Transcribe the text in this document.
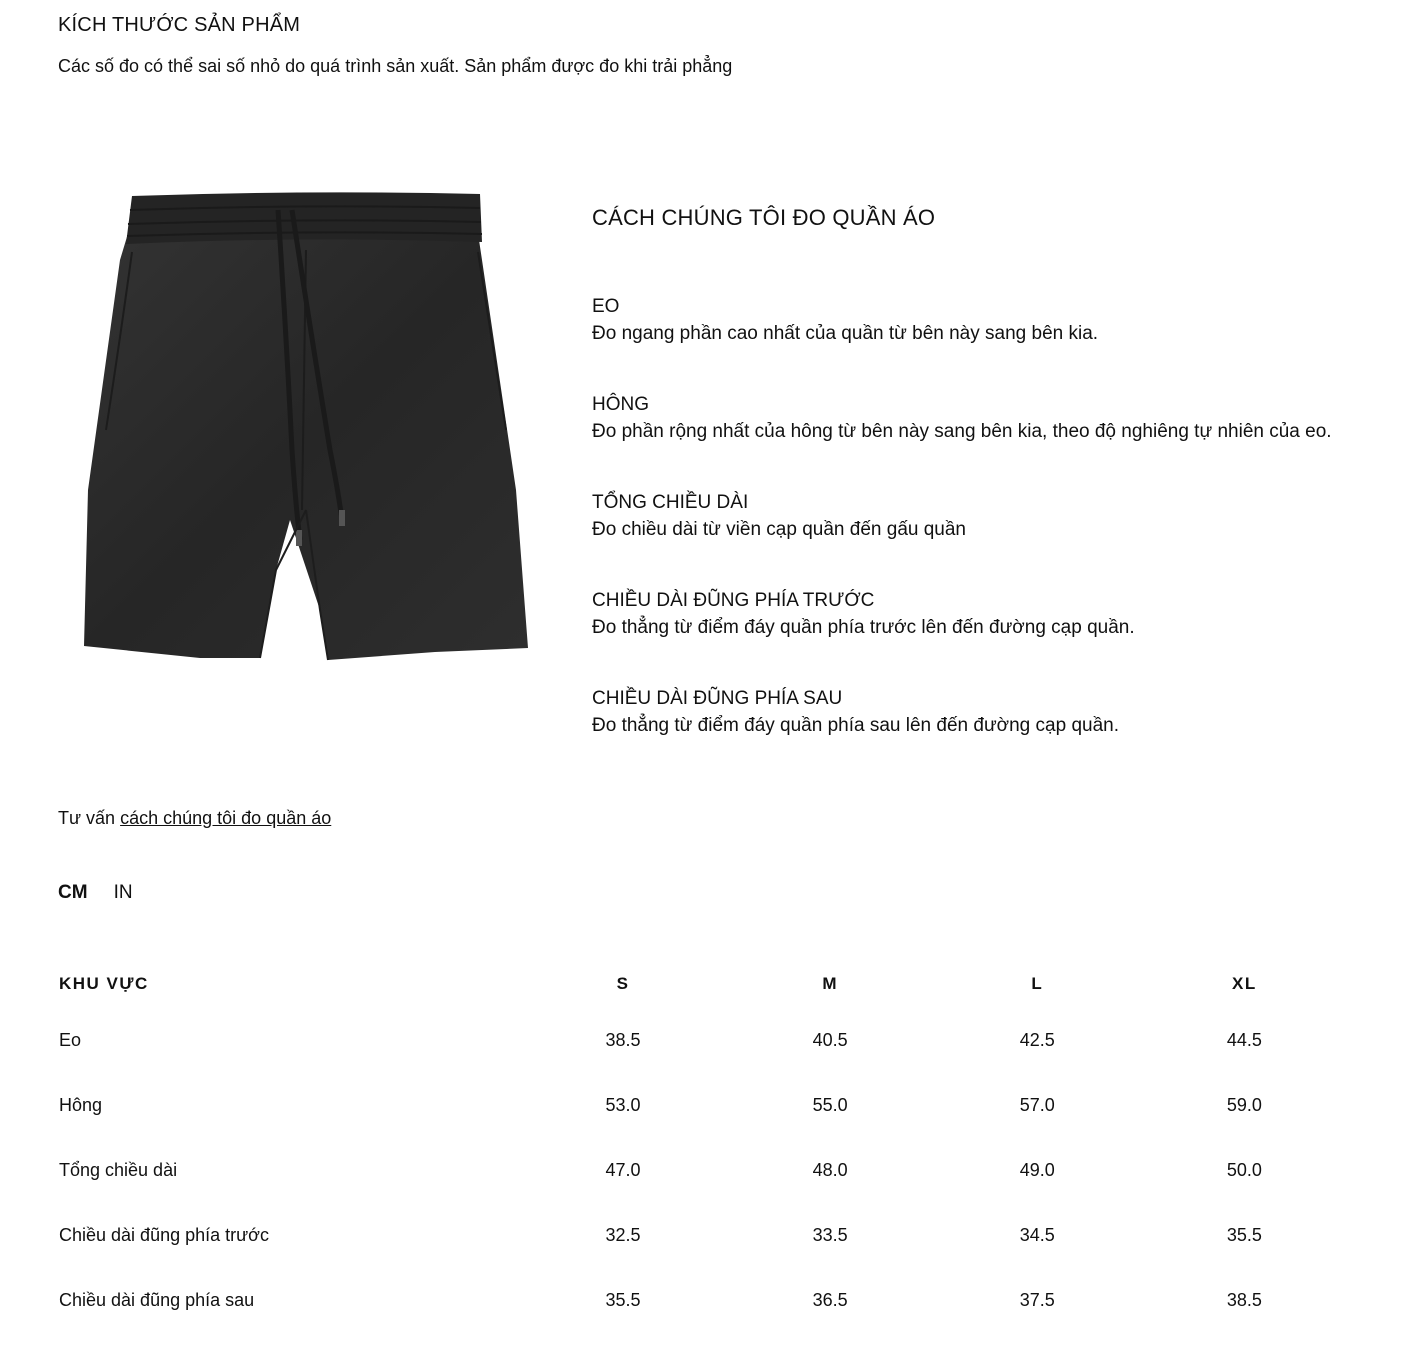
KÍCH THƯỚC SẢN PHẨM
Các số đo có thể sai số nhỏ do quá trình sản xuất. Sản phẩm được đo khi trải phẳng
CÁCH CHÚNG TÔI ĐO QUẦN ÁO
EO
Đo ngang phần cao nhất của quần từ bên này sang bên kia.
HÔNG
Đo phần rộng nhất của hông từ bên này sang bên kia, theo độ nghiêng tự nhiên của eo.
TỔNG CHIỀU DÀI
Đo chiều dài từ viền cạp quần đến gấu quần
CHIỀU DÀI ĐŨNG PHÍA TRƯỚC
Đo thẳng từ điểm đáy quần phía trước lên đến đường cạp quần.
CHIỀU DÀI ĐŨNG PHÍA SAU
Đo thẳng từ điểm đáy quần phía sau lên đến đường cạp quần.
Tư vấn cách chúng tôi đo quần áo
CM IN
KHU VỰC	S	M	L	XL
Eo	38.5	40.5	42.5	44.5
Hông	53.0	55.0	57.0	59.0
Tổng chiều dài	47.0	48.0	49.0	50.0
Chiều dài đũng phía trước	32.5	33.5	34.5	35.5
Chiều dài đũng phía sau	35.5	36.5	37.5	38.5
